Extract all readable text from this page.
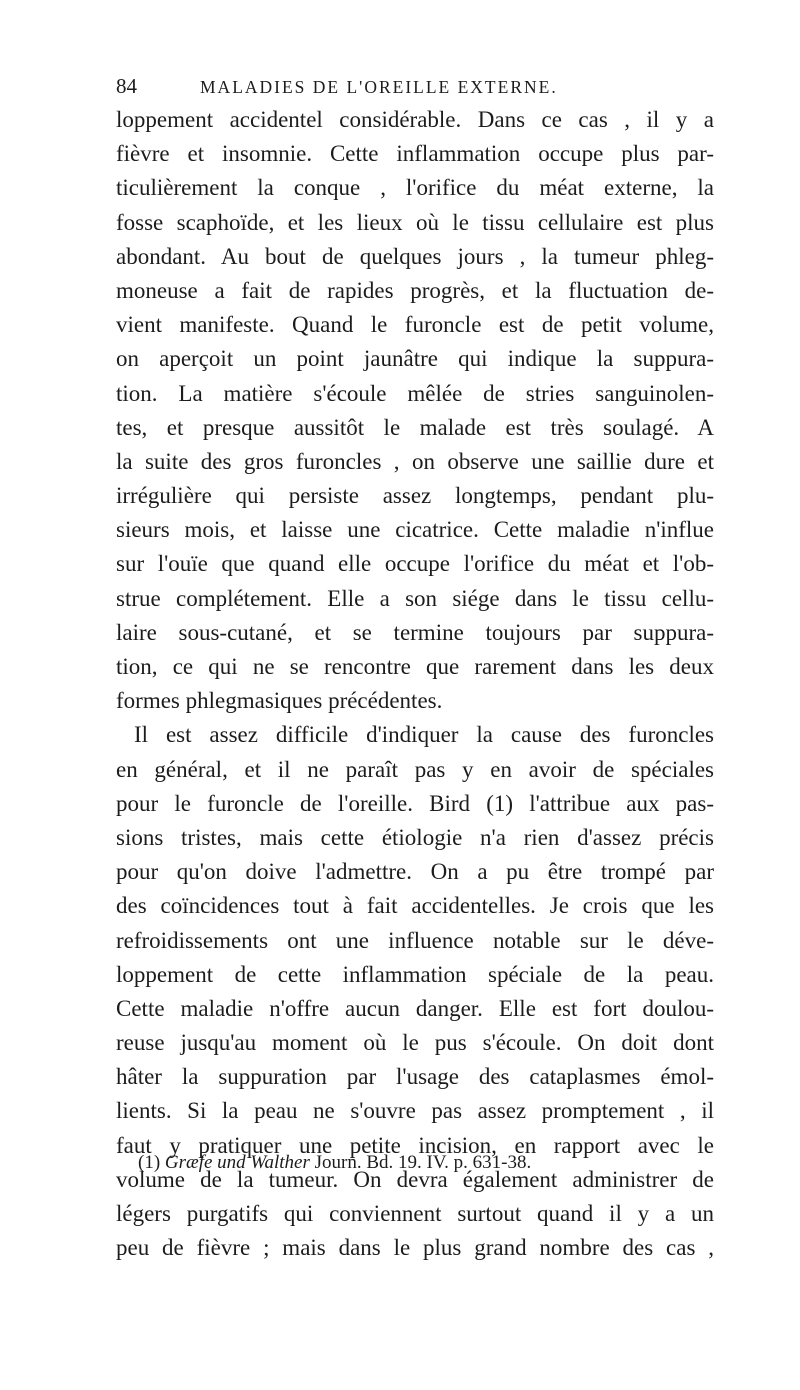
84	MALADIES DE L'OREILLE EXTERNE.
loppement accidentel considérable. Dans ce cas , il y a
fièvre et insomnie. Cette inflammation occupe plus par-
ticulièrement la conque , l'orifice du méat externe, la
fosse scaphoïde, et les lieux où le tissu cellulaire est plus
abondant. Au bout de quelques jours , la tumeur phleg-
moneuse a fait de rapides progrès, et la fluctuation de-
vient manifeste. Quand le furoncle est de petit volume,
on aperçoit un point jaunâtre qui indique la suppura-
tion. La matière s'écoule mêlée de stries sanguinolen-
tes, et presque aussitôt le malade est très soulagé. A
la suite des gros furoncles , on observe une saillie dure et
irrégulière qui persiste assez longtemps, pendant plu-
sieurs mois, et laisse une cicatrice. Cette maladie n'influe
sur l'ouïe que quand elle occupe l'orifice du méat et l'ob-
strue complétement. Elle a son siége dans le tissu cellu-
laire sous-cutané, et se termine toujours par suppura-
tion, ce qui ne se rencontre que rarement dans les deux
formes phlegmasiques précédentes.
Il est assez difficile d'indiquer la cause des furoncles
en général, et il ne paraît pas y en avoir de spéciales
pour le furoncle de l'oreille. Bird (1) l'attribue aux pas-
sions tristes, mais cette étiologie n'a rien d'assez précis
pour qu'on doive l'admettre. On a pu être trompé par
des coïncidences tout à fait accidentelles. Je crois que les
refroidissements ont une influence notable sur le déve-
loppement de cette inflammation spéciale de la peau.
Cette maladie n'offre aucun danger. Elle est fort doulou-
reuse jusqu'au moment où le pus s'écoule. On doit dont
hâter la suppuration par l'usage des cataplasmes émol-
lients. Si la peau ne s'ouvre pas assez promptement , il
faut y pratiquer une petite incision, en rapport avec le
volume de la tumeur. On devra également administrer de
légers purgatifs qui conviennent surtout quand il y a un
peu de fièvre ; mais dans le plus grand nombre des cas ,
(1) Græfe und Walther Journ. Bd. 19. IV. p. 631-38.
